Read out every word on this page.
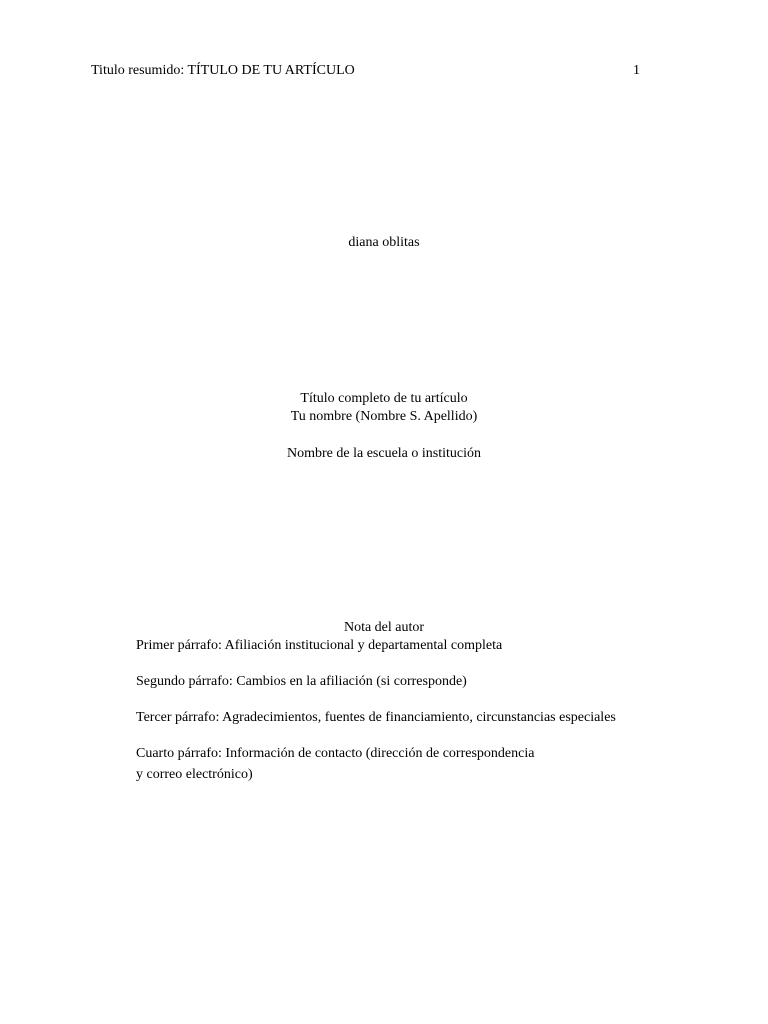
Titulo resumido: TÍTULO DE TU ARTÍCULO	1
diana oblitas
Título completo de tu artículo
Tu nombre (Nombre S. Apellido)
Nombre de la escuela o institución
Nota del autor
Primer párrafo: Afiliación institucional y departamental completa
Segundo párrafo: Cambios en la afiliación (si corresponde)
Tercer párrafo: Agradecimientos, fuentes de financiamiento, circunstancias especiales
Cuarto párrafo: Información de contacto (dirección de correspondencia
y correo electrónico)
